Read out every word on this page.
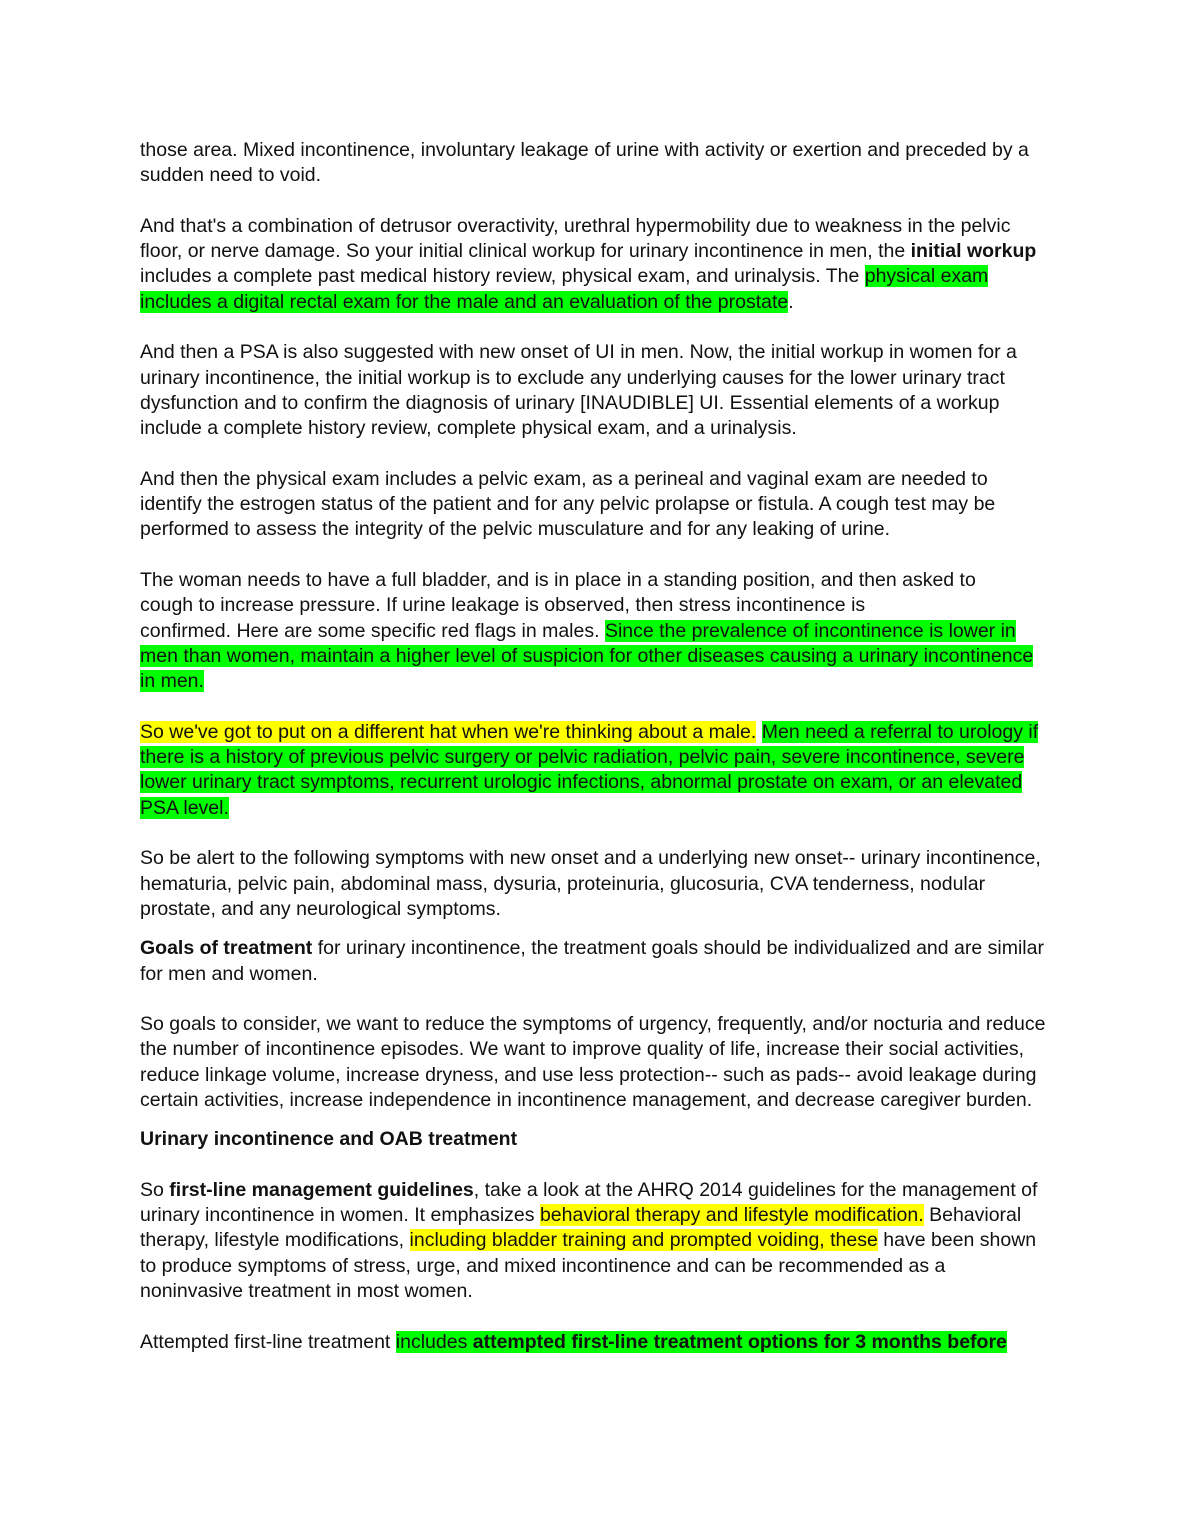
those area. Mixed incontinence, involuntary leakage of urine with activity or exertion and preceded by a sudden need to void.

And that's a combination of detrusor overactivity, urethral hypermobility due to weakness in the pelvic floor, or nerve damage. So your initial clinical workup for urinary incontinence in men, the initial workup includes a complete past medical history review, physical exam, and urinalysis. The physical exam includes a digital rectal exam for the male and an evaluation of the prostate.

And then a PSA is also suggested with new onset of UI in men. Now, the initial workup in women for a urinary incontinence, the initial workup is to exclude any underlying causes for the lower urinary tract dysfunction and to confirm the diagnosis of urinary [INAUDIBLE] UI. Essential elements of a workup include a complete history review, complete physical exam, and a urinalysis.

And then the physical exam includes a pelvic exam, as a perineal and vaginal exam are needed to identify the estrogen status of the patient and for any pelvic prolapse or fistula. A cough test may be performed to assess the integrity of the pelvic musculature and for any leaking of urine.

The woman needs to have a full bladder, and is in place in a standing position, and then asked to
cough to increase pressure. If urine leakage is observed, then stress incontinence is
confirmed. Here are some specific red flags in males. Since the prevalence of incontinence is lower in men than women, maintain a higher level of suspicion for other diseases causing a urinary incontinence in men.

So we've got to put on a different hat when we're thinking about a male. Men need a referral to urology if there is a history of previous pelvic surgery or pelvic radiation, pelvic pain, severe incontinence, severe lower urinary tract symptoms, recurrent urologic infections, abnormal prostate on exam, or an elevated PSA level.

So be alert to the following symptoms with new onset and a underlying new onset-- urinary incontinence, hematuria, pelvic pain, abdominal mass, dysuria, proteinuria, glucosuria, CVA tenderness, nodular prostate, and any neurological symptoms.

Goals of treatment for urinary incontinence, the treatment goals should be individualized and are similar for men and women.

So goals to consider, we want to reduce the symptoms of urgency, frequently, and/or nocturia and reduce the number of incontinence episodes. We want to improve quality of life, increase their social activities, reduce linkage volume, increase dryness, and use less protection-- such as pads-- avoid leakage during certain activities, increase independence in incontinence management, and decrease caregiver burden.

Urinary incontinence and OAB treatment

So first-line management guidelines, take a look at the AHRQ 2014 guidelines for the management of urinary incontinence in women. It emphasizes behavioral therapy and lifestyle modification. Behavioral therapy, lifestyle modifications, including bladder training and prompted voiding, these have been shown to produce symptoms of stress, urge, and mixed incontinence and can be recommended as a noninvasive treatment in most women.

Attempted first-line treatment includes attempted first-line treatment options for 3 months before
